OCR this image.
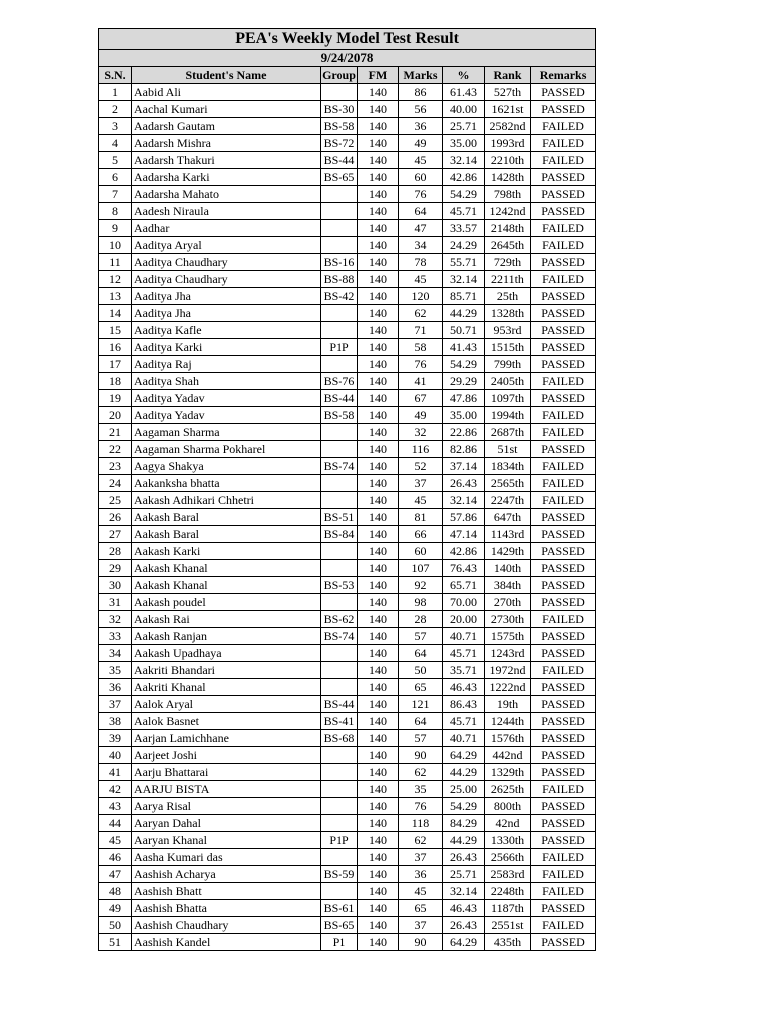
PEA's Weekly Model Test Result							
9/24/2078							
S.N.	Student's Name	Group	FM	Marks	%	Rank	Remarks
1	Aabid Ali		140	86	61.43	527th	PASSED
2	Aachal Kumari	BS-30	140	56	40.00	1621st	PASSED
3	Aadarsh Gautam	BS-58	140	36	25.71	2582nd	FAILED
4	Aadarsh Mishra	BS-72	140	49	35.00	1993rd	FAILED
5	Aadarsh Thakuri	BS-44	140	45	32.14	2210th	FAILED
6	Aadarsha Karki	BS-65	140	60	42.86	1428th	PASSED
7	Aadarsha Mahato		140	76	54.29	798th	PASSED
8	Aadesh Niraula		140	64	45.71	1242nd	PASSED
9	Aadhar		140	47	33.57	2148th	FAILED
10	Aaditya Aryal		140	34	24.29	2645th	FAILED
11	Aaditya Chaudhary	BS-16	140	78	55.71	729th	PASSED
12	Aaditya Chaudhary	BS-88	140	45	32.14	2211th	FAILED
13	Aaditya Jha	BS-42	140	120	85.71	25th	PASSED
14	Aaditya Jha		140	62	44.29	1328th	PASSED
15	Aaditya Kafle		140	71	50.71	953rd	PASSED
16	Aaditya Karki	P1P	140	58	41.43	1515th	PASSED
17	Aaditya Raj		140	76	54.29	799th	PASSED
18	Aaditya Shah	BS-76	140	41	29.29	2405th	FAILED
19	Aaditya Yadav	BS-44	140	67	47.86	1097th	PASSED
20	Aaditya Yadav	BS-58	140	49	35.00	1994th	FAILED
21	Aagaman Sharma		140	32	22.86	2687th	FAILED
22	Aagaman Sharma Pokharel		140	116	82.86	51st	PASSED
23	Aagya Shakya	BS-74	140	52	37.14	1834th	FAILED
24	Aakanksha bhatta		140	37	26.43	2565th	FAILED
25	Aakash Adhikari Chhetri		140	45	32.14	2247th	FAILED
26	Aakash Baral	BS-51	140	81	57.86	647th	PASSED
27	Aakash Baral	BS-84	140	66	47.14	1143rd	PASSED
28	Aakash Karki		140	60	42.86	1429th	PASSED
29	Aakash Khanal		140	107	76.43	140th	PASSED
30	Aakash Khanal	BS-53	140	92	65.71	384th	PASSED
31	Aakash poudel		140	98	70.00	270th	PASSED
32	Aakash Rai	BS-62	140	28	20.00	2730th	FAILED
33	Aakash Ranjan	BS-74	140	57	40.71	1575th	PASSED
34	Aakash Upadhaya		140	64	45.71	1243rd	PASSED
35	Aakriti Bhandari		140	50	35.71	1972nd	FAILED
36	Aakriti Khanal		140	65	46.43	1222nd	PASSED
37	Aalok Aryal	BS-44	140	121	86.43	19th	PASSED
38	Aalok Basnet	BS-41	140	64	45.71	1244th	PASSED
39	Aarjan Lamichhane	BS-68	140	57	40.71	1576th	PASSED
40	Aarjeet Joshi		140	90	64.29	442nd	PASSED
41	Aarju Bhattarai		140	62	44.29	1329th	PASSED
42	AARJU BISTA		140	35	25.00	2625th	FAILED
43	Aarya Risal		140	76	54.29	800th	PASSED
44	Aaryan Dahal		140	118	84.29	42nd	PASSED
45	Aaryan Khanal	P1P	140	62	44.29	1330th	PASSED
46	Aasha Kumari das		140	37	26.43	2566th	FAILED
47	Aashish Acharya	BS-59	140	36	25.71	2583rd	FAILED
48	Aashish Bhatt		140	45	32.14	2248th	FAILED
49	Aashish Bhatta	BS-61	140	65	46.43	1187th	PASSED
50	Aashish Chaudhary	BS-65	140	37	26.43	2551st	FAILED
51	Aashish Kandel	P1	140	90	64.29	435th	PASSED
